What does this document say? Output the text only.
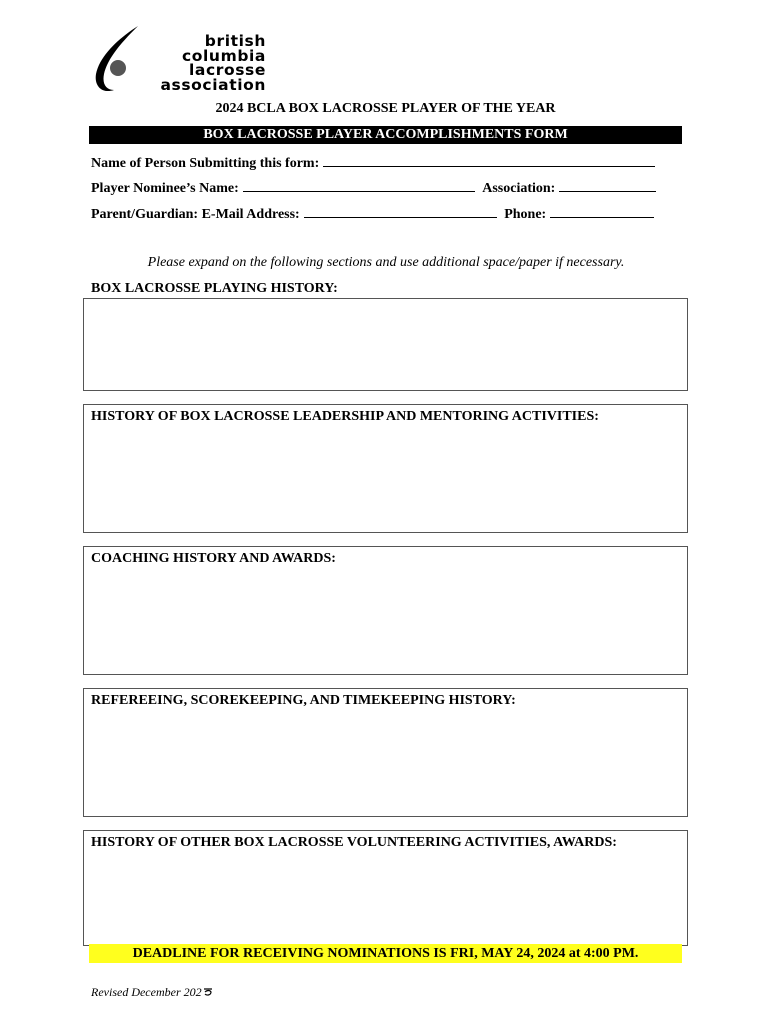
british
columbia
lacrosse
association
2024 BCLA BOX LACROSSE PLAYER OF THE YEAR
BOX LACROSSE PLAYER ACCOMPLISHMENTS FORM
Name of Person Submitting this form:
Player Nominee’s Name:	Association:
Parent/Guardian: E-Mail Address:	Phone:
Please expand on the following sections and use additional space/paper if necessary.
BOX LACROSSE PLAYING HISTORY:
HISTORY OF BOX LACROSSE LEADERSHIP AND MENTORING ACTIVITIES:
COACHING HISTORY AND AWARDS:
REFEREEING, SCOREKEEPING, AND TIMEKEEPING HISTORY:
HISTORY OF OTHER BOX LACROSSE VOLUNTEERING ACTIVITIES, AWARDS:
DEADLINE FOR RECEIVING NOMINATIONS IS FRI, MAY 24, 2024 at 4:00 PM.
Revised December 202
